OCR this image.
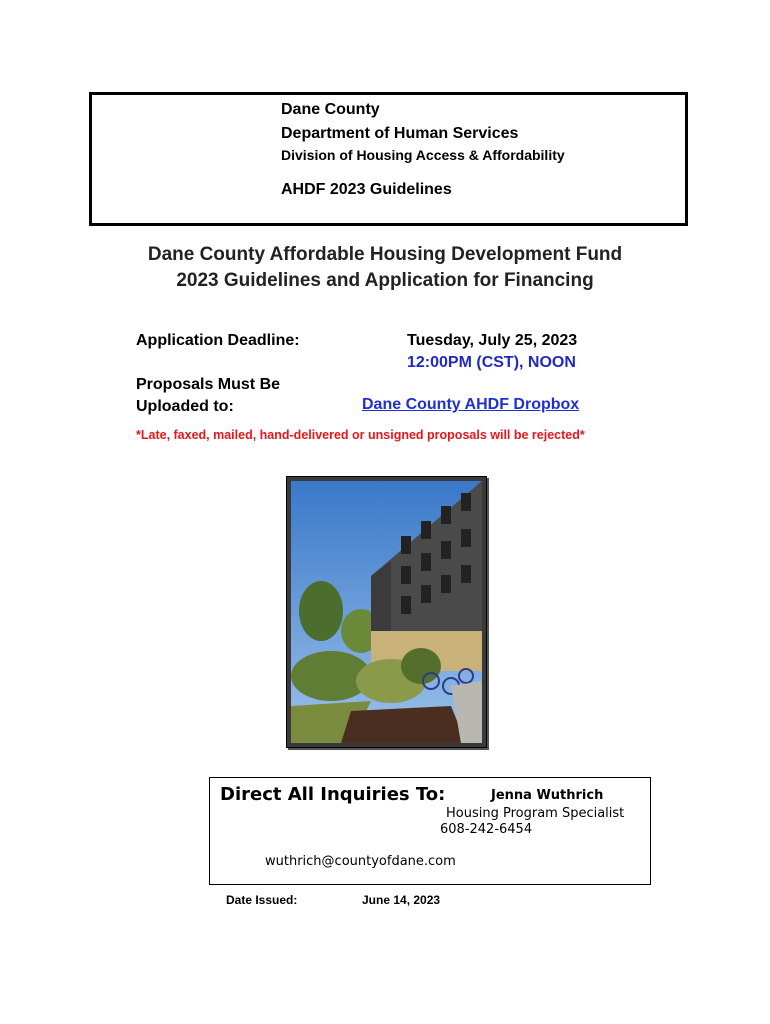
Dane County
Department of Human Services
Division of Housing Access & Affordability
AHDF 2023 Guidelines
Dane County Affordable Housing Development Fund
2023 Guidelines and Application for Financing
Application Deadline:	Tuesday, July 25, 2023
12:00PM (CST), NOON
Proposals Must Be Uploaded to:	Dane County AHDF Dropbox
*Late, faxed, mailed, hand-delivered or unsigned proposals will be rejected*
Direct All Inquiries To:	Jenna Wuthrich
Housing Program Specialist
608-242-6454
wuthrich@countyofdane.com
Date Issued:	June 14, 2023
